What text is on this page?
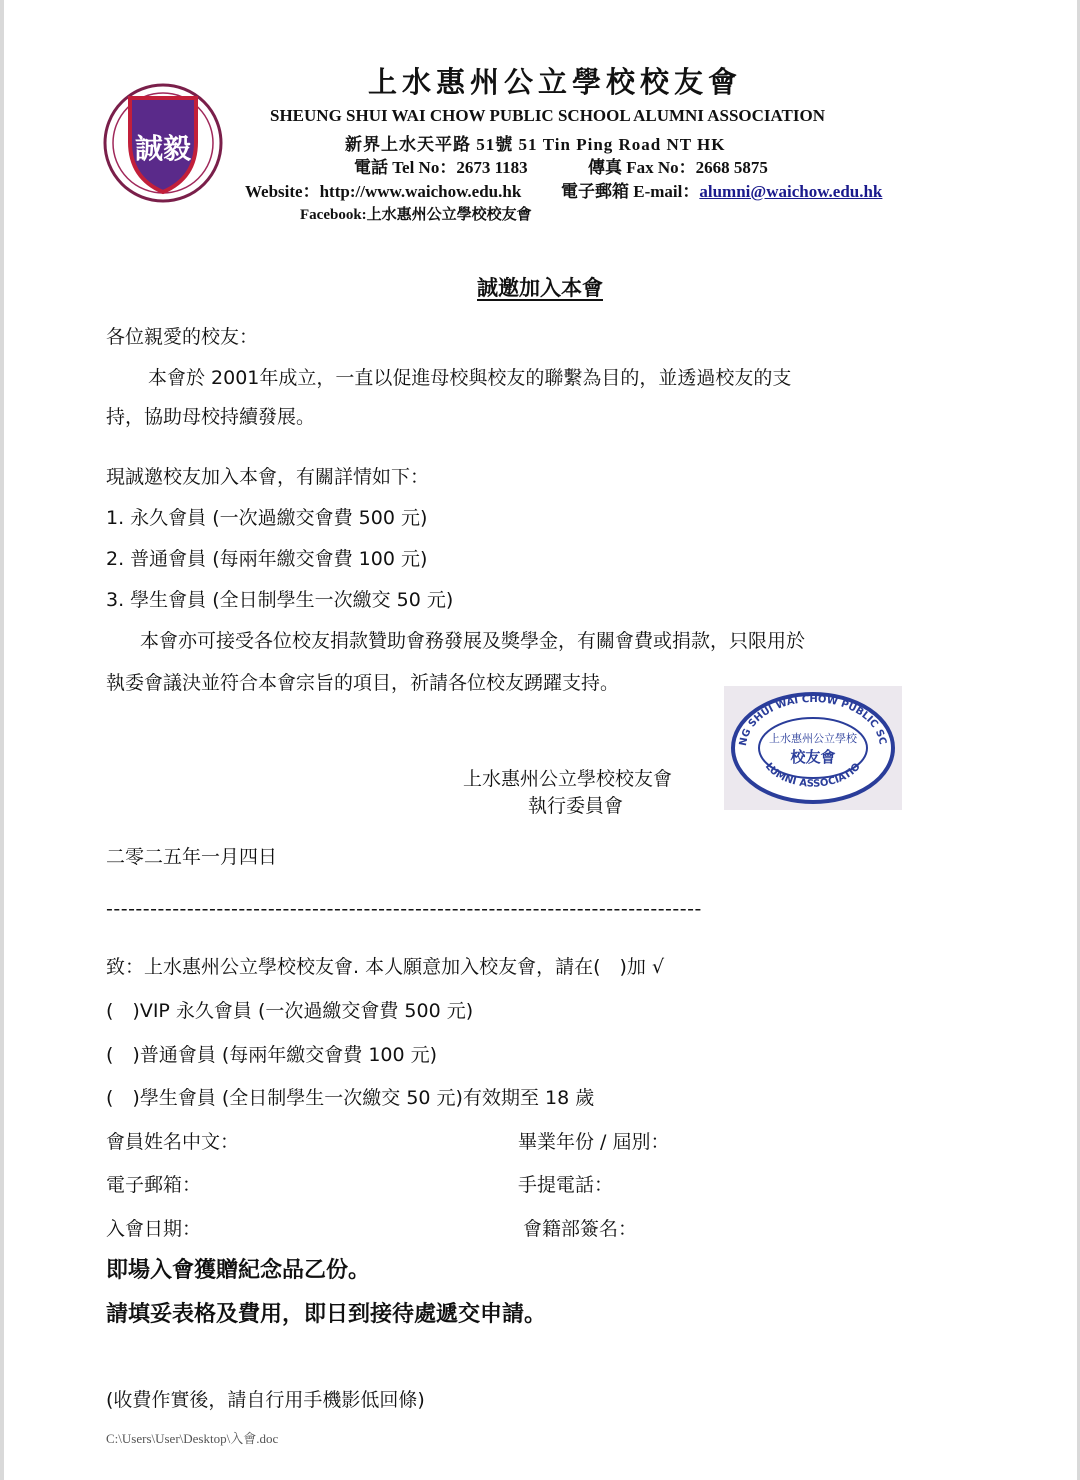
誠毅
上水惠州公立學校校友會
SHEUNG SHUI WAI CHOW PUBLIC SCHOOL ALUMNI ASSOCIATION
新界上水天平路 51號 51 Tin Ping Road NT HK
電話 Tel No：2673 1183	傳真 Fax No：2668 5875
Website：http://www.waichow.edu.hk 電子郵箱 E-mail：alumni@waichow.edu.hk
Facebook:上水惠州公立學校校友會
誠邀加入本會
各位親愛的校友：
本會於 2001年成立，一直以促進母校與校友的聯繫為目的，並透過校友的支
持，協助母校持續發展。
現誠邀校友加入本會，有關詳情如下：
1. 永久會員 (一次過繳交會費 500 元)
2. 普通會員 (每兩年繳交會費 100 元)
3. 學生會員 (全日制學生一次繳交 50 元)
本會亦可接受各位校友捐款贊助會務發展及獎學金，有關會費或捐款，只限用於
執委會議決並符合本會宗旨的項目，祈請各位校友踴躍支持。
NG SHUI WAI CHOW PUBLIC SC
LUMNI ASSOCIATIO
上水惠州公立學校
校友會
上水惠州公立學校校友會
執行委員會
二零二五年一月四日
---------------------------------------------------------------------------------
致：上水惠州公立學校校友會. 本人願意加入校友會，請在(　)加 √
(　)VIP 永久會員 (一次過繳交會費 500 元)
(　)普通會員 (每兩年繳交會費 100 元)
(　)學生會員 (全日制學生一次繳交 50 元)有效期至 18 歲
會員姓名中文：	畢業年份 / 屆別：
電子郵箱：	手提電話：
入會日期：	會籍部簽名：
即場入會獲贈紀念品乙份。
請填妥表格及費用，即日到接待處遞交申請。
(收費作實後，請自行用手機影低回條)
C:\Users\User\Desktop\入會.doc
